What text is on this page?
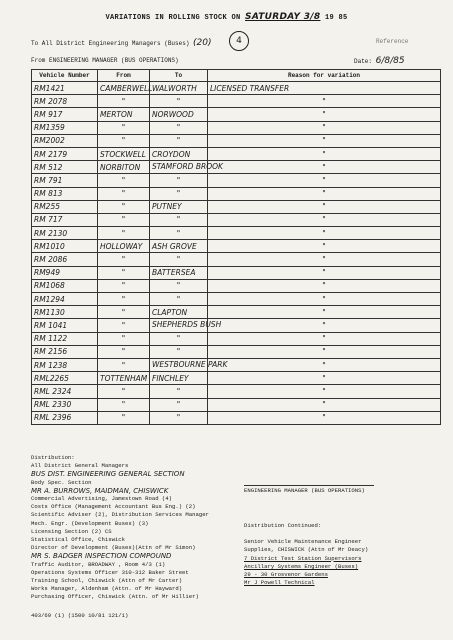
VARIATIONS IN ROLLING STOCK ON SATURDAY 3/8 19 85
To All District Engineering Managers (Buses) (20)	4	Reference
From ENGINEERING MANAGER (BUS OPERATIONS)	Date: 6/8/85
Vehicle Number	From	To	Reason for variation
RM1421	CAMBERWELL	WALWORTH	LICENSED TRANSFER
RM 2078	"	"	"
RM 917	MERTON	NORWOOD	"
RM1359	"	"	"
RM2002	"	"	"
RM 2179	STOCKWELL	CROYDON	"
RM 512	NORBITON	STAMFORD BROOK	"
RM 791	"	"	"
RM 813	"	"	"
RM255	"	PUTNEY	"
RM 717	"	"	"
RM 2130	"	"	"
RM1010	HOLLOWAY	ASH GROVE	"
RM 2086	"	"	"
RM949	"	BATTERSEA	"
RM1068	"	"	"
RM1294	"	"	"
RM1130	"	CLAPTON	"
RM 1041	"	SHEPHERDS BUSH	"
RM 1122	"	"	"
RM 2156	"	"	"
RM 1238	"	WESTBOURNE PARK	"
RML2265	TOTTENHAM	FINCHLEY	"
RML 2324	"	"	"
RML 2330	"	"	"
RML 2396	"	"	"
Distribution:
All District General Managers
BUS DIST. ENGINEERING GENERAL SECTION
Body Spec. Section
MR A. BURROWS, MAIDMAN, CHISWICK
Commercial Advertising, Jamestown Road (4)
Costs Office (Management Accountant Bus Eng.) (2)
Scientific Adviser (2), Distribution Services Manager
Mech. Engr. (Development Buses) (3)
Licensing Section (2) CS
Statistical Office, Chiswick
Director of Development (Buses)(Attn of Mr Simon)
MR S. BADGER INSPECTION COMPOUND
Traffic Auditor, BROADWAY , Room 4/3 (1)
Operations Systems Officer 310-312 Baker Street
Training School, Chiswick (Attn of Mr Carter)
Works Manager, Aldenham (Attn. of Mr Hayward)
Purchasing Officer, Chiswick (Attn. of Mr Hillier)
403/69 (1) (1500 10/81 121/1)
ENGINEERING MANAGER (BUS OPERATIONS)
Distribution Continued:
Senior Vehicle Maintenance Engineer
Supplies, CHISWICK (Attn of Mr Deacy)
7 District Test Station Supervisors
Ancillary Systems Engineer (Buses)
29 - 30 Grosvenor Gardens
Mr J Powell Technical
